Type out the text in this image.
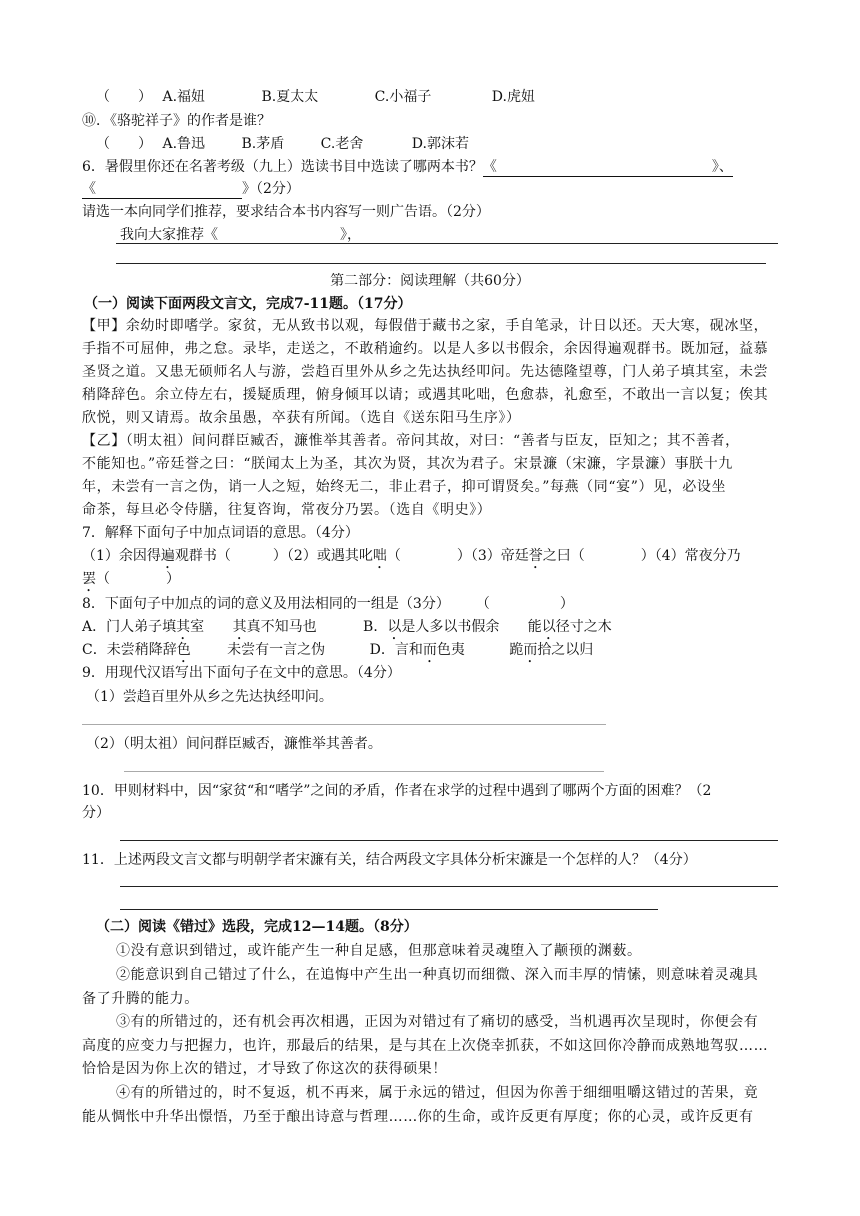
（　　） A.福妞	B.夏太太	C.小福子	D.虎妞
⑩．《骆驼祥子》的作者是谁？
（　　） A.鲁迅	B.茅盾	C.老舍	D.郭沫若
6．暑假里你还在名著考级（九上）选读书目中选读了哪两本书？《	》、

《	》（2分）
请选一本向同学们推荐，要求结合本书内容写一则广告语。（2分）
我向大家推荐《	》，
第二部分：阅读理解（共60分）
（一）阅读下面两段文言文，完成7-11题。（17分）
【甲】余幼时即嗜学。家贫，无从致书以观，每假借于藏书之家，手自笔录，计日以还。天大寒，砚冰坚，
手指不可屈伸，弗之怠。录毕，走送之，不敢稍逾约。以是人多以书假余，余因得遍观群书。既加冠，益慕
圣贤之道。又患无硕师名人与游，尝趋百里外从乡之先达执经叩问。先达德隆望尊，门人弟子填其室，未尝
稍降辞色。余立侍左右，援疑质理，俯身倾耳以请；或遇其叱咄，色愈恭，礼愈至，不敢出一言以复；俟其
欣悦，则又请焉。故余虽愚，卒获有所闻。（选自《送东阳马生序》）
【乙】（明太祖）间问群臣臧否，濂惟举其善者。帝问其故，对曰：“善者与臣友，臣知之；其不善者，
不能知也。”帝廷誉之曰：“朕闻太上为圣，其次为贤，其次为君子。宋景濂（宋濂，字景濂）事朕十九
年，未尝有一言之伪，诮一人之短，始终无二，非止君子，抑可谓贤矣。”每燕（同“宴”）见，必设坐
命茶，每旦必令侍膳，往复咨询，常夜分乃罢。（选自《明史》）
7．解释下面句子中加点词语的意思。（4分）
（1）余因得遍观群书（　　　）（2）或遇其叱咄（　　　　）（3）帝廷誉之曰（　　　　）（4）常夜分乃
罢（　　　　）
8．下面句子中加点的词的意义及用法相同的一组是（3分） （　　　　　）
A．门人弟子填其室 其真不知马也	B．以是人多以书假余 能以径寸之木
C．未尝稍降辞色	未尝有一言之伪	D．言和而色夷	跪而拾之以归
9．用现代汉语写出下面句子在文中的意思。（4分）
（1）尝趋百里外从乡之先达执经叩问。
（2）（明太祖）间问群臣臧否，濂惟举其善者。
10．甲则材料中，因“家贫“和“嗜学”之间的矛盾，作者在求学的过程中遇到了哪两个方面的困难？（2
分）
11．上述两段文言文都与明朝学者宋濂有关，结合两段文字具体分析宋濂是一个怎样的人？（4分）
（二）阅读《错过》选段，完成12—14题。（8分）
①没有意识到错过，或许能产生一种自足感，但那意味着灵魂堕入了颟顸的渊薮。
②能意识到自己错过了什么，在追悔中产生出一种真切而细微、深入而丰厚的情愫，则意味着灵魂具
备了升腾的能力。
③有的所错过的，还有机会再次相遇，正因为对错过有了痛切的感受，当机遇再次呈现时，你便会有
高度的应变力与把握力，也许，那最后的结果，是与其在上次侥幸抓获，不如这回你冷静而成熟地驾驭……
恰恰是因为你上次的错过，才导致了你这次的获得硕果！
④有的所错过的，时不复返，机不再来，属于永远的错过，但因为你善于细细咀嚼这错过的苦果，竟
能从惆怅中升华出憬悟，乃至于酿出诗意与哲理……你的生命，或许反更有厚度；你的心灵，或许反更有
